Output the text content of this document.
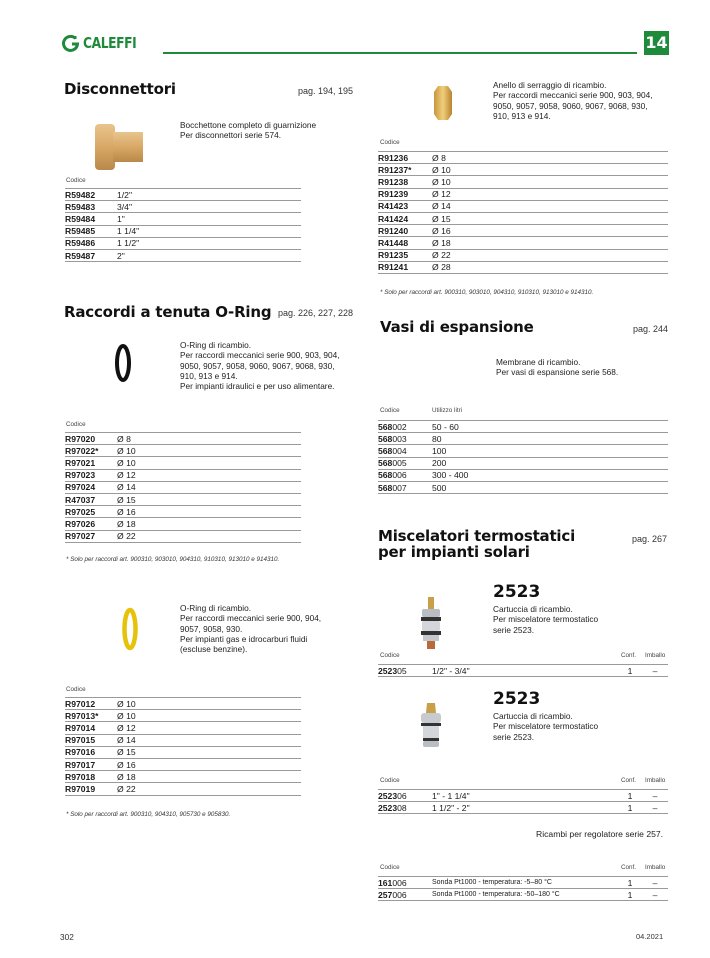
CALEFFI	14
Disconnettori	pag. 194, 195
Bocchettone completo di guarnizione
Per disconnettori serie 574.
Codice
R59482	1/2"
R59483	3/4"
R59484	1"
R59485	1 1/4"
R59486	1 1/2"
R59487	2"
Raccordi a tenuta O-Ring pag. 226, 227, 228
O-Ring di ricambio.
Per raccordi meccanici serie 900, 903, 904,
9050, 9057, 9058, 9060, 9067, 9068, 930,
910, 913 e 914.
Per impianti idraulici e per uso alimentare.
Codice
R97020	Ø 8
R97022*	Ø 10
R97021	Ø 10
R97023	Ø 12
R97024	Ø 14
R47037	Ø 15
R97025	Ø 16
R97026	Ø 18
R97027	Ø 22
* Solo per raccordi art. 900310, 903010, 904310, 910310, 913010 e 914310.
O-Ring di ricambio.
Per raccordi meccanici serie 900, 904,
9057, 9058, 930.
Per impianti gas e idrocarburi fluidi
(escluse benzine).
Codice
R97012	Ø 10
R97013*	Ø 10
R97014	Ø 12
R97015	Ø 14
R97016	Ø 15
R97017	Ø 16
R97018	Ø 18
R97019	Ø 22
* Solo per raccordi art. 900310, 904310, 905730 e 905830.
Anello di serraggio di ricambio.
Per raccordi meccanici serie 900, 903, 904,
9050, 9057, 9058, 9060, 9067, 9068, 930,
910, 913 e 914.
Codice
R91236	Ø 8
R91237*	Ø 10
R91238	Ø 10
R91239	Ø 12
R41423	Ø 14
R41424	Ø 15
R91240	Ø 16
R41448	Ø 18
R91235	Ø 22
R91241	Ø 28
* Solo per raccordi art. 900310, 903010, 904310, 910310, 913010 e 914310.
Vasi di espansione	pag. 244
Membrane di ricambio.
Per vasi di espansione serie 568.
Codice	Utilizzo litri
568002	50 - 60
568003	80
568004	100
568005	200
568006	300 - 400
568007	500
Miscelatori termostatici
per impianti solari
pag. 267
2523
Cartuccia di ricambio.
Per miscelatore termostatico
serie 2523.
Codice	Conf. Imballo
252305	1/2" - 3/4"	1	–
2523
Cartuccia di ricambio.
Per miscelatore termostatico
serie 2523.
Codice	Conf. Imballo
252306	1" - 1 1/4"	1	–
252308	1 1/2" - 2"	1	–
Ricambi per regolatore serie 257.
Codice	Conf. Imballo
161006	Sonda Pt1000 - temperatura: -5–80 °C	1	–
257006	Sonda Pt1000 - temperatura: -50–180 °C	1	–
302	04.2021
